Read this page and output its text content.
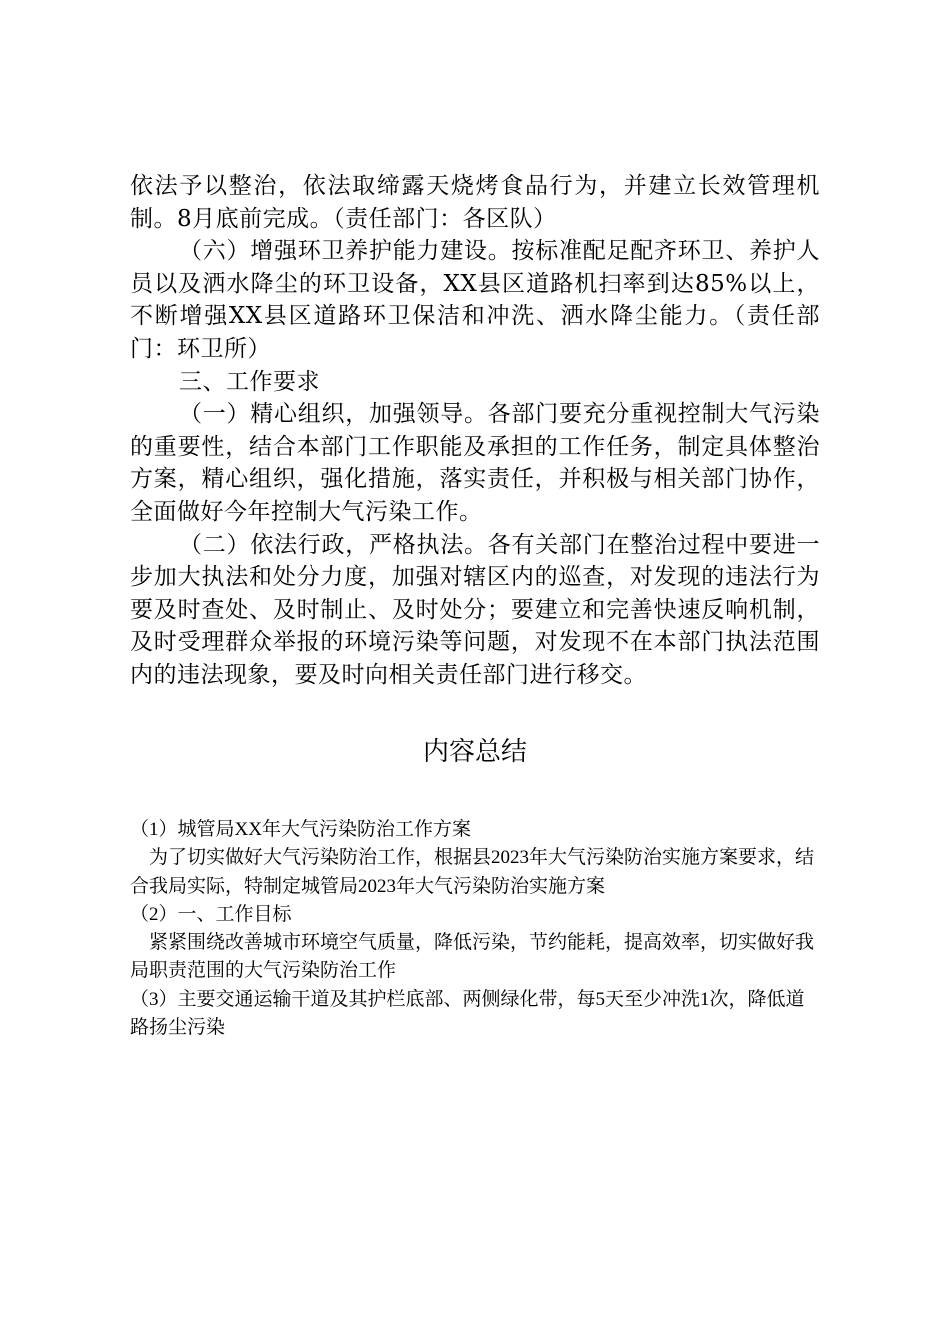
依法予以整治，依法取缔露天烧烤食品行为，并建立长效管理机制。8月底前完成。（责任部门：各区队）

（六）增强环卫养护能力建设。按标准配足配齐环卫、养护人员以及洒水降尘的环卫设备，XX县区道路机扫率到达85%以上，不断增强XX县区道路环卫保洁和冲洗、洒水降尘能力。（责任部门：环卫所）

三、工作要求

（一）精心组织，加强领导。各部门要充分重视控制大气污染的重要性，结合本部门工作职能及承担的工作任务，制定具体整治方案，精心组织，强化措施，落实责任，并积极与相关部门协作，全面做好今年控制大气污染工作。

（二）依法行政，严格执法。各有关部门在整治过程中要进一步加大执法和处分力度，加强对辖区内的巡查，对发现的违法行为要及时查处、及时制止、及时处分；要建立和完善快速反响机制，及时受理群众举报的环境污染等问题，对发现不在本部门执法范围内的违法现象，要及时向相关责任部门进行移交。

内容总结

（1）城管局XX年大气污染防治工作方案

为了切实做好大气污染防治工作，根据县2023年大气污染防治实施方案要求，结合我局实际，特制定城管局2023年大气污染防治实施方案

（2）一、工作目标

紧紧围绕改善城市环境空气质量，降低污染，节约能耗，提高效率，切实做好我局职责范围的大气污染防治工作

（3）主要交通运输干道及其护栏底部、两侧绿化带，每5天至少冲洗1次，降低道路扬尘污染
